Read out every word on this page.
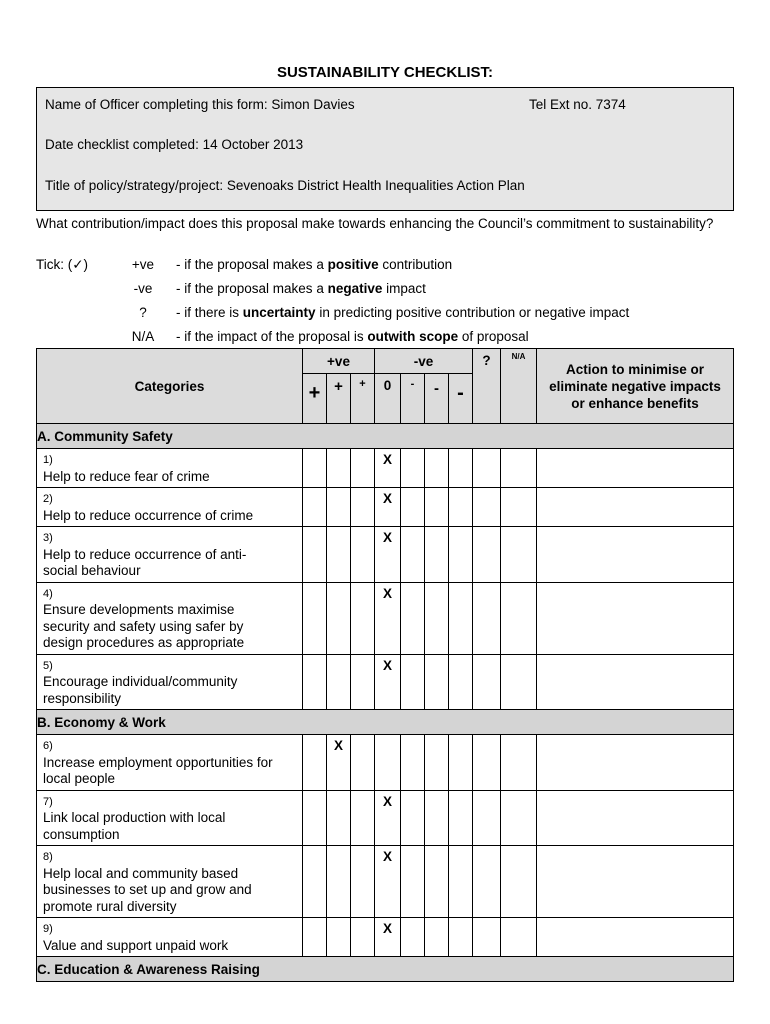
SUSTAINABILITY CHECKLIST:
Name of Officer completing this form: Simon Davies	Tel Ext no. 7374
Date checklist completed: 14 October 2013
Title of policy/strategy/project: Sevenoaks District Health Inequalities Action Plan
What contribution/impact does this proposal make towards enhancing the Council’s commitment to sustainability?
Tick: (✓)	+ve - if the proposal makes a positive contribution
-ve - if the proposal makes a negative impact
?	- if there is uncertainty in predicting positive contribution or negative impact
N/A - if the impact of the proposal is outwith scope of proposal
Categories	+ve			-ve				?	N/A	Action to minimise or eliminate negative impacts or enhance benefits
	+	+	+	0	-	-	-			
A. Community Safety										
1)Help to reduce fear of crime				X						
2)Help to reduce occurrence of crime				X						
3)Help to reduce occurrence of anti-social behaviour				X						
4)Ensure developments maximise security and safety using safer by design procedures as appropriate				X						
5)Encourage individual/community responsibility				X						
B. Economy & Work										
6)Increase employment opportunities for local people		X								
7)Link local production with local consumption				X						
8)Help local and community based businesses to set up and grow and promote rural diversity				X						
9)Value and support unpaid work				X						
C. Education & Awareness Raising										
